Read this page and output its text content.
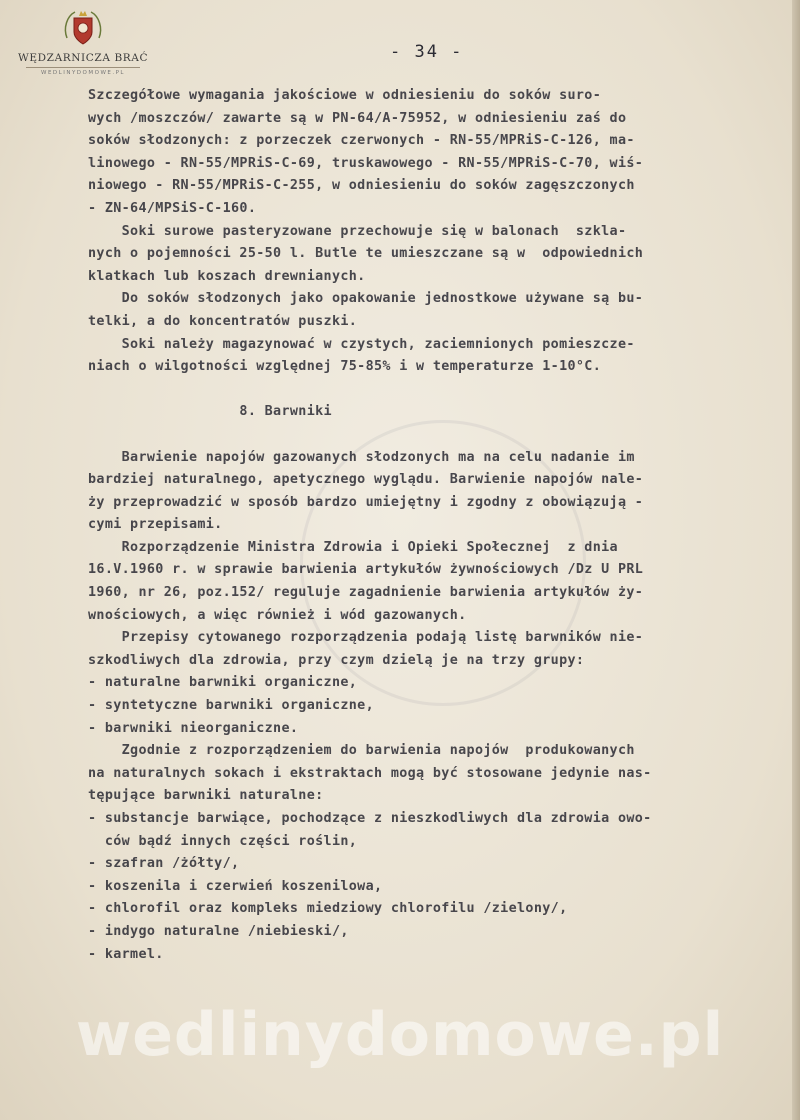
WĘDZARNICZA BRAĆ
WEDLINYDOMOWE.PL
- 34 -
Szczegółowe wymagania jakościowe w odniesieniu do soków suro-
wych /moszczów/ zawarte są w PN-64/A-75952, w odniesieniu zaś do
soków słodzonych: z porzeczek czerwonych - RN-55/MPRiS-C-126, ma-
linowego - RN-55/MPRiS-C-69, truskawowego - RN-55/MPRiS-C-70, wiś-
niowego - RN-55/MPRiS-C-255, w odniesieniu do soków zagęszczonych
- ZN-64/MPSiS-C-160.
Soki surowe pasteryzowane przechowuje się w balonach  szkla-
nych o pojemności 25-50 l. Butle te umieszczane są w  odpowiednich
klatkach lub koszach drewnianych.
Do soków słodzonych jako opakowanie jednostkowe używane są bu-
telki, a do koncentratów puszki.
Soki należy magazynować w czystych, zaciemnionych pomieszcze-
niach o wilgotności względnej 75-85% i w temperaturze 1-10°C.
8. Barwniki
Barwienie napojów gazowanych słodzonych ma na celu nadanie im
bardziej naturalnego, apetycznego wyglądu. Barwienie napojów nale-
ży przeprowadzić w sposób bardzo umiejętny i zgodny z obowiązują -
cymi przepisami.
Rozporządzenie Ministra Zdrowia i Opieki Społecznej  z dnia
16.V.1960 r. w sprawie barwienia artykułów żywnościowych /Dz U PRL
1960, nr 26, poz.152/ reguluje zagadnienie barwienia artykułów ży-
wnościowych, a więc również i wód gazowanych.
Przepisy cytowanego rozporządzenia podają listę barwników nie-
szkodliwych dla zdrowia, przy czym dzielą je na trzy grupy:
- naturalne barwniki organiczne,
- syntetyczne barwniki organiczne,
- barwniki nieorganiczne.
Zgodnie z rozporządzeniem do barwienia napojów  produkowanych
na naturalnych sokach i ekstraktach mogą być stosowane jedynie nas-
tępujące barwniki naturalne:
- substancje barwiące, pochodzące z nieszkodliwych dla zdrowia owo-
ców bądź innych części roślin,
- szafran /żółty/,
- koszenila i czerwień koszenilowa,
- chlorofil oraz kompleks miedziowy chlorofilu /zielony/,
- indygo naturalne /niebieski/,
- karmel.
wedlinydomowe.pl
